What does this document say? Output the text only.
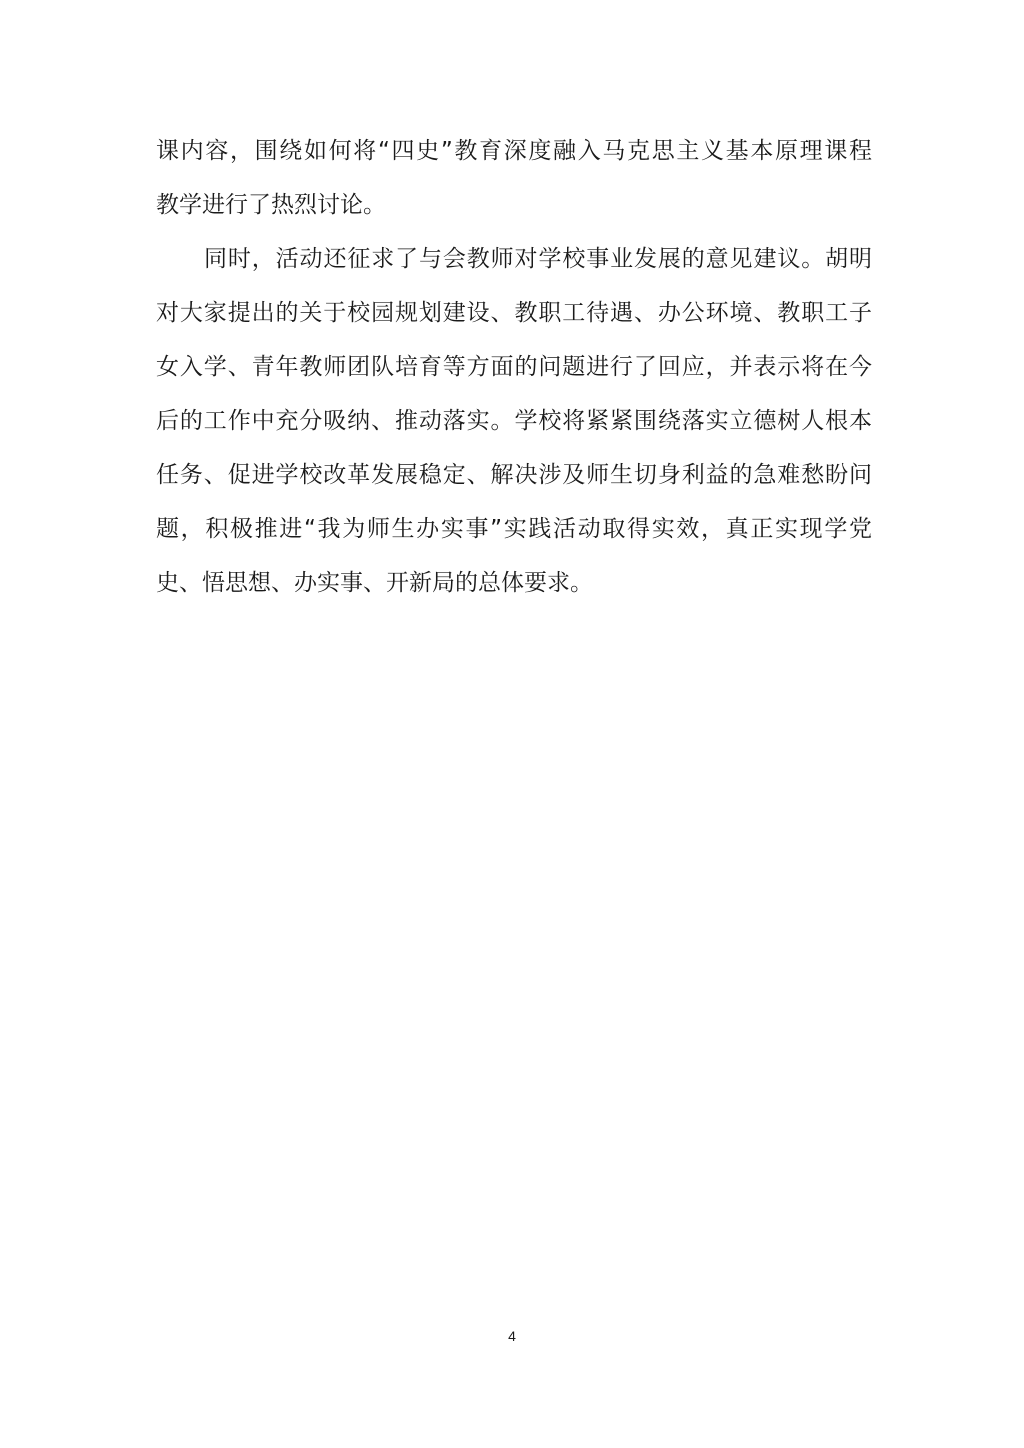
课内容，围绕如何将“四史”教育深度融入马克思主义基本原理课程
教学进行了热烈讨论。
同时，活动还征求了与会教师对学校事业发展的意见建议。胡明
对大家提出的关于校园规划建设、教职工待遇、办公环境、教职工子
女入学、青年教师团队培育等方面的问题进行了回应，并表示将在今
后的工作中充分吸纳、推动落实。学校将紧紧围绕落实立德树人根本
任务、促进学校改革发展稳定、解决涉及师生切身利益的急难愁盼问
题，积极推进“我为师生办实事”实践活动取得实效，真正实现学党
史、悟思想、办实事、开新局的总体要求。
4
